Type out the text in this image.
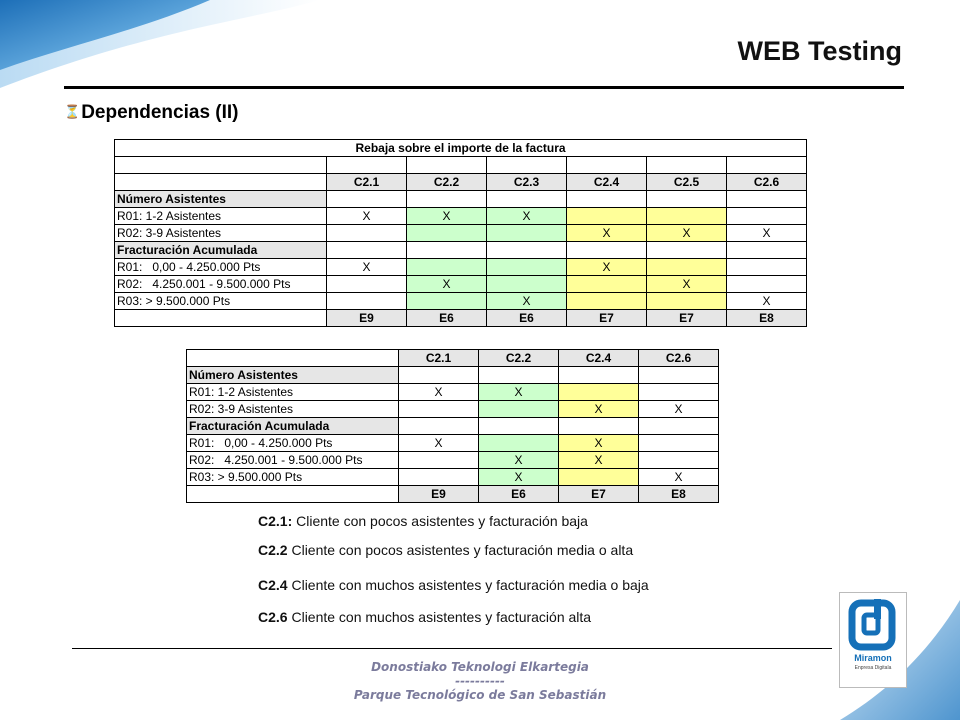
WEB Testing
⏳Dependencias (II)
Rebaja sobre el importe de la factura						

	C2.1	C2.2	C2.3	C2.4	C2.5	C2.6
Número Asistentes						
R01: 1-2 Asistentes	X	X	X			
R02: 3-9 Asistentes				X	X	X
Fracturación Acumulada						
R01:   0,00 - 4.250.000 Pts	X			X		
R02:   4.250.001 - 9.500.000 Pts		X			X	
R03: > 9.500.000 Pts			X			X
	E9	E6	E6	E7	E7	E8
	C2.1	C2.2	C2.4	C2.6
Número Asistentes				
R01: 1-2 Asistentes	X	X		
R02: 3-9 Asistentes			X	X
Fracturación Acumulada				
R01:   0,00 - 4.250.000 Pts	X		X	
R02:   4.250.001 - 9.500.000 Pts		X	X	
R03: > 9.500.000 Pts		X		X
	E9	E6	E7	E8
C2.1: Cliente con pocos asistentes y facturación baja
C2.2 Cliente con pocos asistentes y facturación media o alta
C2.4 Cliente con muchos asistentes y facturación media o baja
C2.6 Cliente con muchos asistentes y facturación alta
Miramon
Enpresa Digitala
Donostiako Teknologi Elkartegia
----------
Parque Tecnológico de San Sebastián
